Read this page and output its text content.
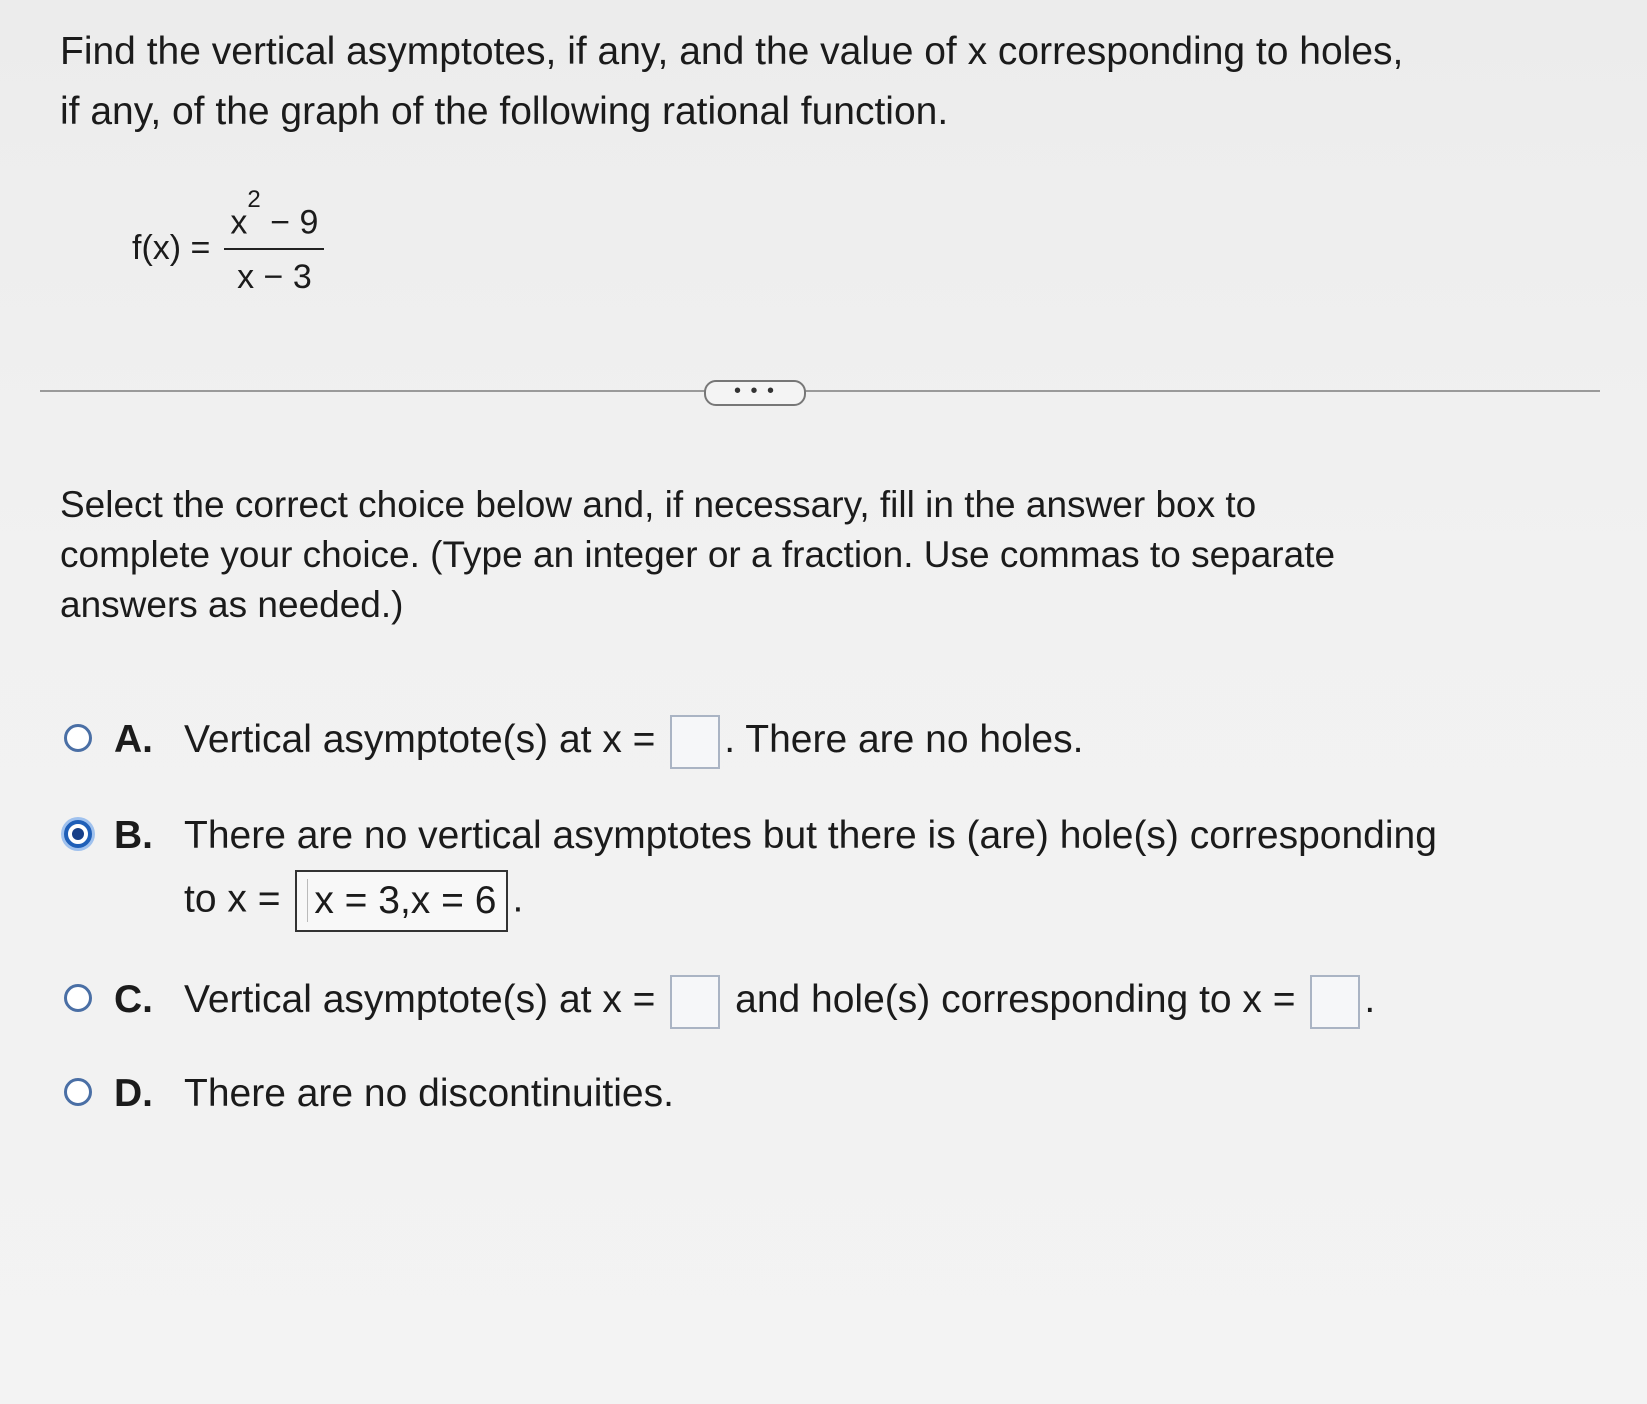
Find the vertical asymptotes, if any, and the value of x corresponding to holes,
if any, of the graph of the following rational function.
$f(x) = \frac{x^2 - 9}{x - 3}$
• • •
Select the correct choice below and, if necessary, fill in the answer box to
complete your choice. (Type an integer or a fraction. Use commas to separate
answers as needed.)
A. Vertical asymptote(s) at x = . There are no holes.
B. There are no vertical asymptotes but there is (are) hole(s) corresponding
to x = x = 3,x = 6 .
C. Vertical asymptote(s) at x = and hole(s) corresponding to x = .
D. There are no discontinuities.
